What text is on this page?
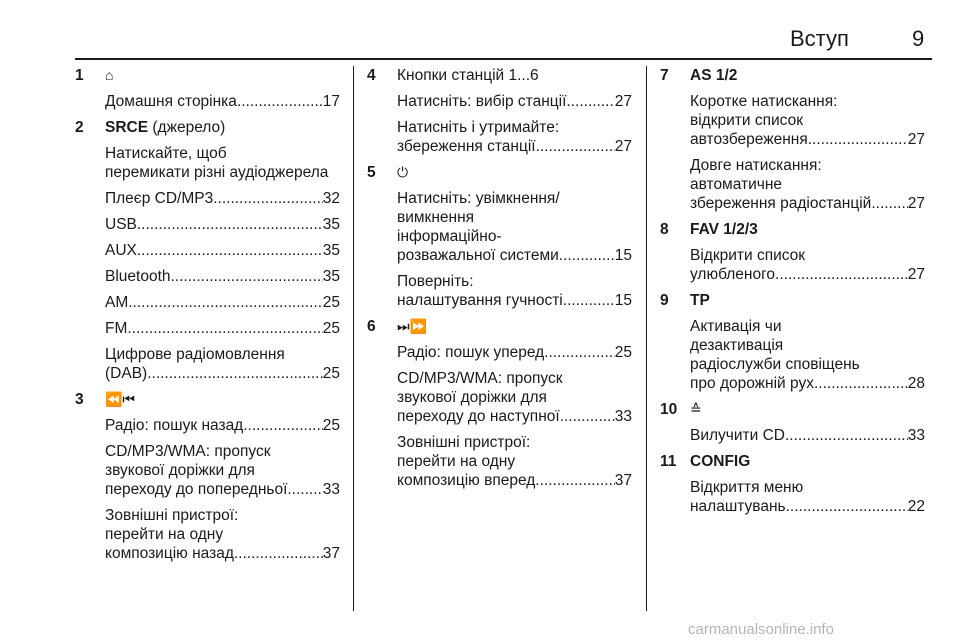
Вступ	9
1 ⌂
Домашня сторінка .....	17
2 SRCE (джерело)
Натискайте, щоб
перемикати різні аудіоджерела
Плеєр CD/MP3 .....	32
USB .....	35
AUX .....	35
Bluetooth .....	35
AM .....	25
FM .....	25
Цифрове радіомовлення
(DAB) .....	25
3 ⏪⏮
Радіо: пошук назад .....	25
CD/MP3/WMA: пропуск
звукової доріжки для
переходу до попередньої ..... 33
Зовнішні пристрої:
перейти на одну
композицію назад .....	37
4 Кнопки станцій 1...6
Натисніть: вибір станції .....	27
Натисніть і утримайте:
збереження станції .....	27
5 ⏻
Натисніть: увімкнення/
вимкнення
інформаційно-
розважальної системи .....	15
Поверніть:
налаштування гучності .....	15
6 ⏭⏩
Радіо: пошук уперед .....	25
CD/MP3/WMA: пропуск
звукової доріжки для
переходу до наступної .....	33
Зовнішні пристрої:
перейти на одну
композицію вперед .....	37
7 AS 1/2
Коротке натискання:
відкрити список
автозбереження .....	27
Довге натискання:
автоматичне
збереження радіостанцій ..... 27
8 FAV 1/2/3
Відкрити список
улюбленого .....	27
9 TP
Активація чи
дезактивація
радіослужби сповіщень
про дорожній рух .....	28
10 ≙
Вилучити CD .....	33
11 CONFIG
Відкриття меню
налаштувань .....	22
carmanualsonline.info
